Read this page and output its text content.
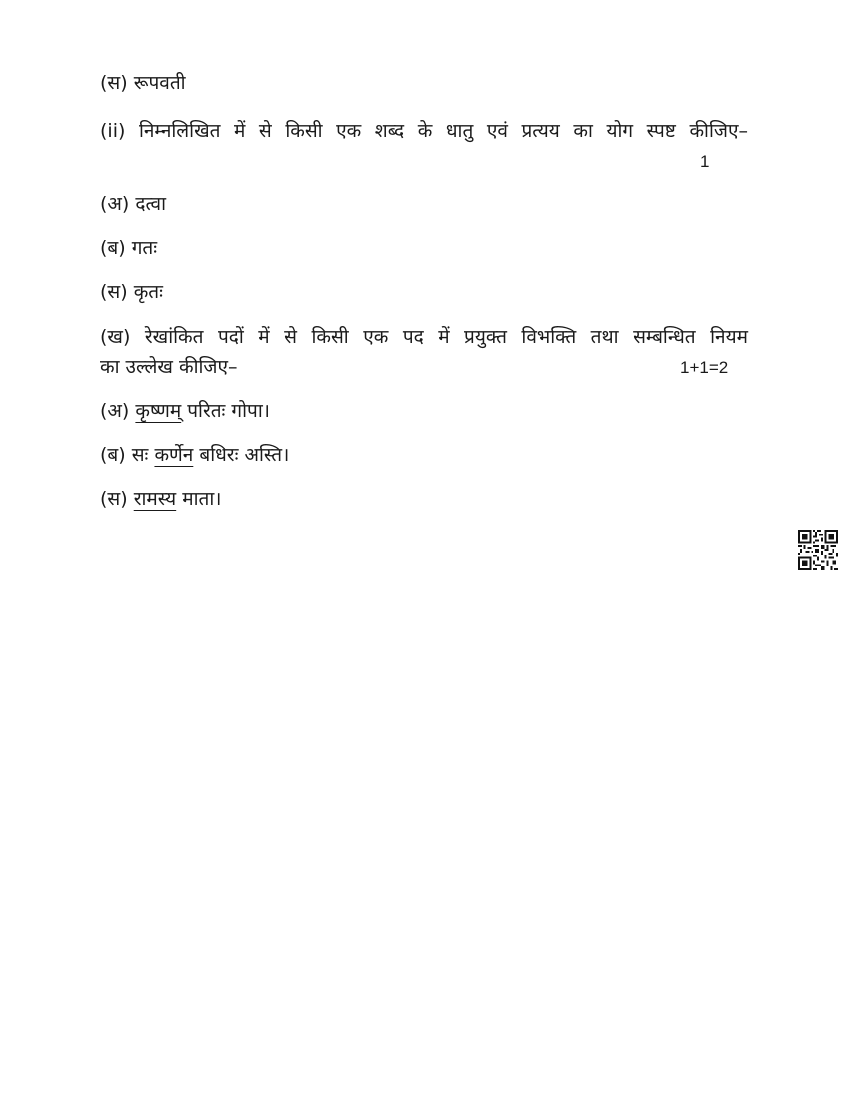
(स) रूपवती
(ii) निम्नलिखित में से किसी एक शब्द के धातु एवं प्रत्यय का योग स्पष्ट कीजिए–
1
(अ) दत्वा
(ब) गतः
(स) कृतः
(ख) रेखांकित पदों में से किसी एक पद में प्रयुक्त विभक्ति तथा सम्बन्धित नियम
का उल्लेख कीजिए–	1+1=2
(अ) कृष्णम् परितः गोपा।
(ब) सः कर्णेन बधिरः अस्ति।
(स) रामस्य माता।
